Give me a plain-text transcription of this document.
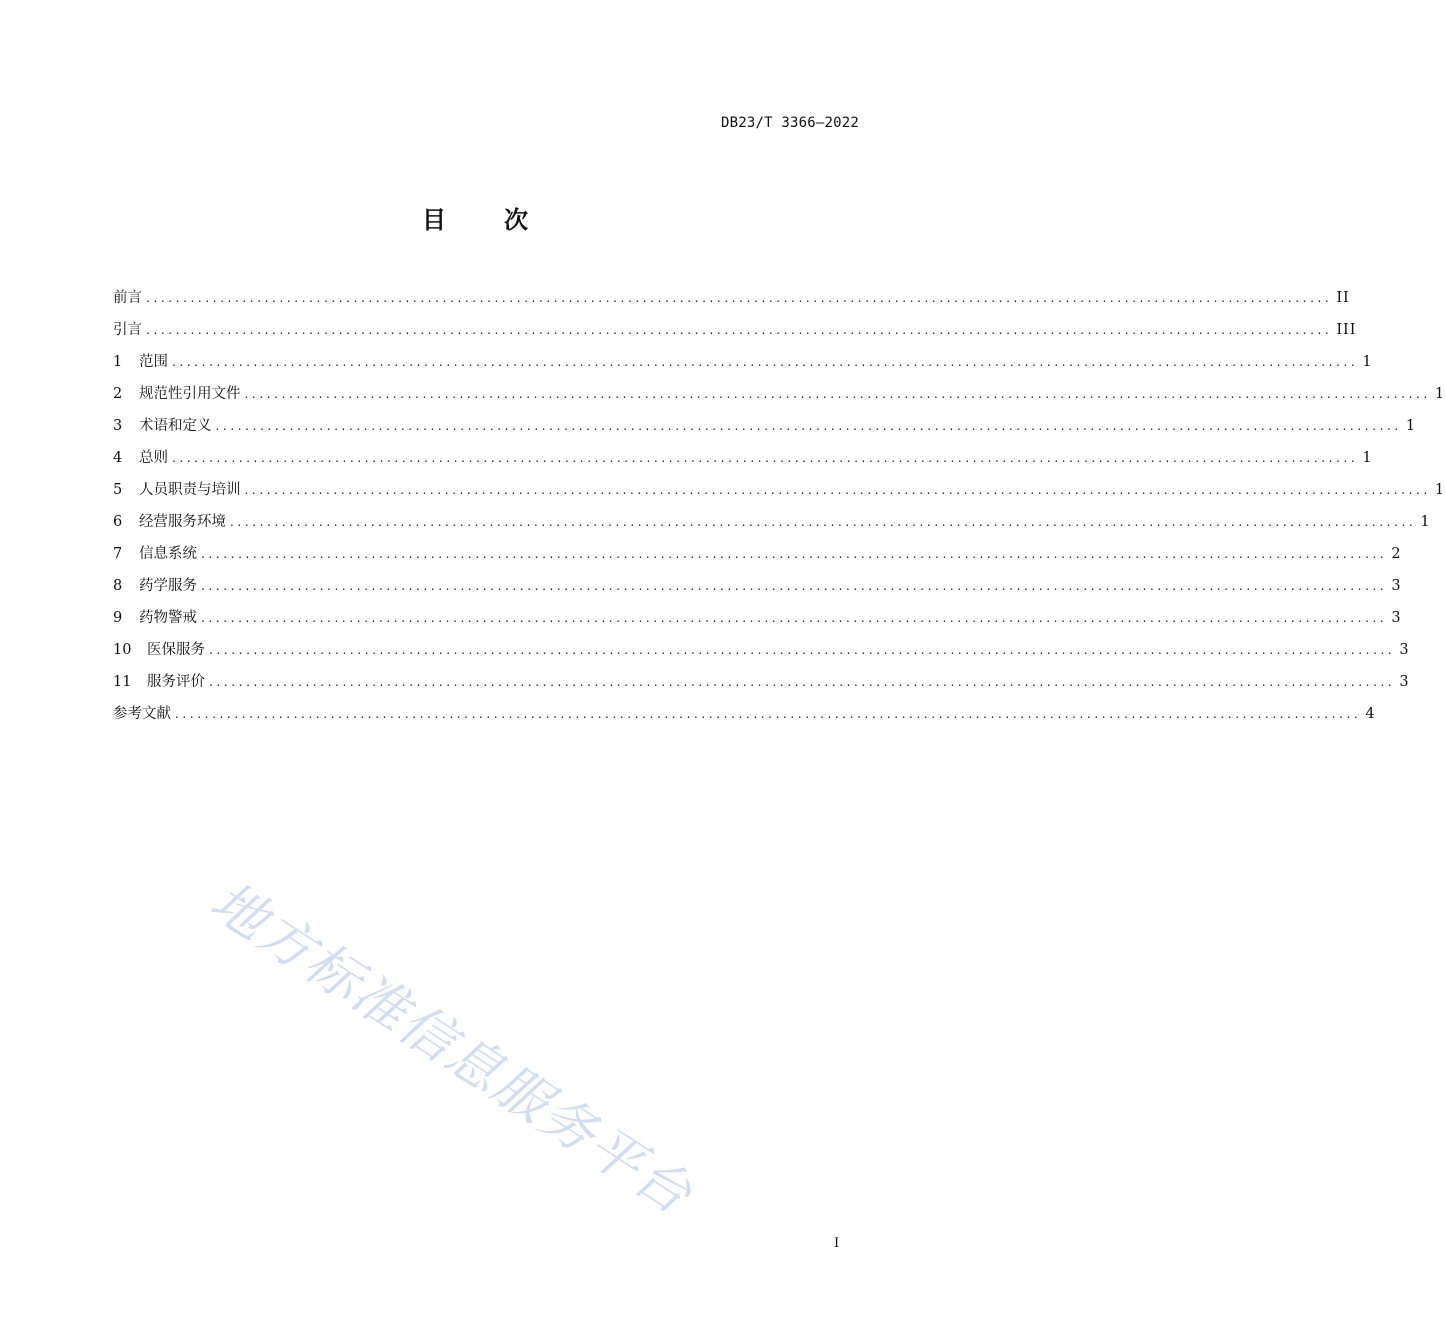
DB23/T 3366—2022
目 次
前言 ................................................................................................................................................................ II
引言 ................................................................................................................................................................ III
1	范围 ................................................................................................................................................................ 1
2	规范性引用文件 ................................................................................................................................................................ 1
3	术语和定义 ................................................................................................................................................................ 1
4	总则 ................................................................................................................................................................ 1
5	人员职责与培训 ................................................................................................................................................................ 1
6	经营服务环境 ................................................................................................................................................................ 1
7	信息系统 ................................................................................................................................................................ 2
8	药学服务 ................................................................................................................................................................ 3
9	药物警戒 ................................................................................................................................................................ 3
10	医保服务 ................................................................................................................................................................ 3
11	服务评价 ................................................................................................................................................................ 3
参考文献 ................................................................................................................................................................ 4
地方标准信息服务平台
I
